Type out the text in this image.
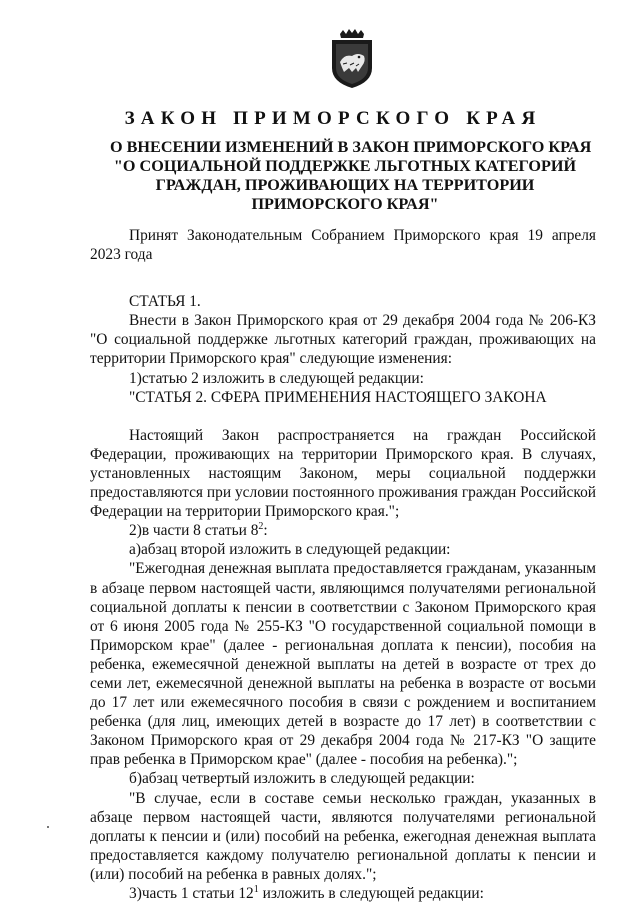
ЗАКОН ПРИМОРСКОГО КРАЯ
О ВНЕСЕНИИ ИЗМЕНЕНИЙ В ЗАКОН ПРИМОРСКОГО КРАЯ
"О СОЦИАЛЬНОЙ ПОДДЕРЖКЕ ЛЬГОТНЫХ КАТЕГОРИЙ
ГРАЖДАН, ПРОЖИВАЮЩИХ НА ТЕРРИТОРИИ
ПРИМОРСКОГО КРАЯ"

Принят Законодательным Собранием Приморского края 19 апреля 2023 года

СТАТЬЯ 1.

Внести в Закон Приморского края от 29 декабря 2004 года № 206-КЗ "О социальной поддержке льготных категорий граждан, проживающих на территории Приморского края" следующие изменения:

1)статью 2 изложить в следующей редакции:

"СТАТЬЯ 2. СФЕРА ПРИМЕНЕНИЯ НАСТОЯЩЕГО ЗАКОНА

Настоящий Закон распространяется на граждан Российской Федерации, проживающих на территории Приморского края. В случаях, установленных настоящим Законом, меры социальной поддержки предоставляются при условии постоянного проживания граждан Российской Федерации на территории Приморского края.";

2)в части 8 статьи $8^2$:

а)абзац второй изложить в следующей редакции:

"Ежегодная денежная выплата предоставляется гражданам, указанным в абзаце первом настоящей части, являющимся получателями региональной социальной доплаты к пенсии в соответствии с Законом Приморского края от 6 июня 2005 года № 255-КЗ "О государственной социальной помощи в Приморском крае" (далее - региональная доплата к пенсии), пособия на ребенка, ежемесячной денежной выплаты на детей в возрасте от трех до семи лет, ежемесячной денежной выплаты на ребенка в возрасте от восьми до 17 лет или ежемесячного пособия в связи с рождением и воспитанием ребенка (для лиц, имеющих детей в возрасте до 17 лет) в соответствии с Законом Приморского края от 29 декабря 2004 года № 217-КЗ "О защите прав ребенка в Приморском крае" (далее - пособия на ребенка).";

б)абзац четвертый изложить в следующей редакции:

"В случае, если в составе семьи несколько граждан, указанных в абзаце первом настоящей части, являются получателями региональной доплаты к пенсии и (или) пособий на ребенка, ежегодная денежная выплата предоставляется каждому получателю региональной доплаты к пенсии и (или) пособий на ребенка в равных долях.";

3)часть 1 статьи $12^1$ изложить в следующей редакции:
